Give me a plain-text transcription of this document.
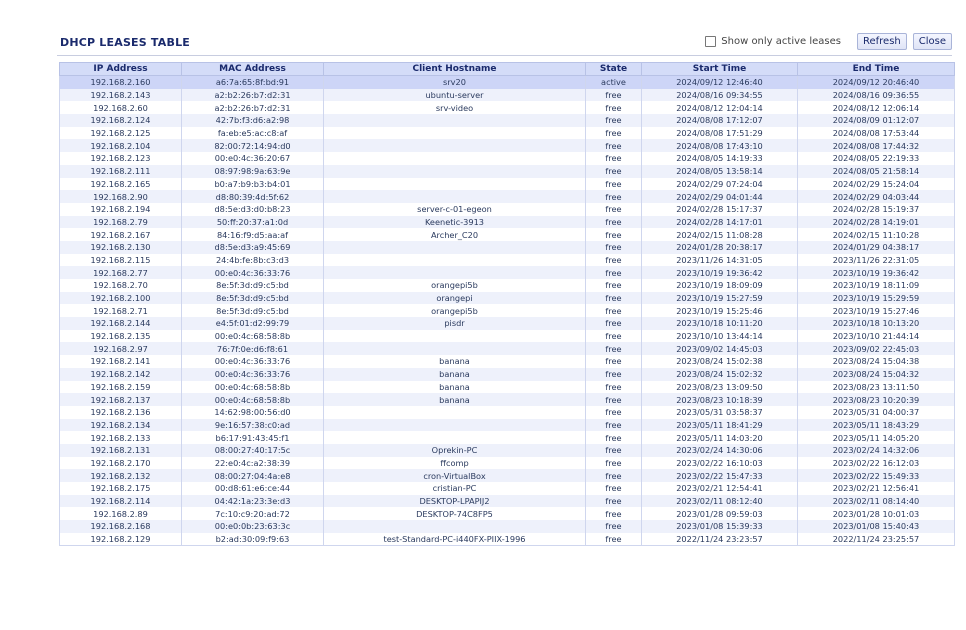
DHCP LEASES TABLE	Show only active leases	Refresh	Close
IP Address	MAC Address	Client Hostname	State	Start Time	End Time
192.168.2.160	a6:7a:65:8f:bd:91	srv20	active	2024/09/12 12:46:40	2024/09/12 20:46:40
192.168.2.143	a2:b2:26:b7:d2:31	ubuntu-server	free	2024/08/16 09:34:55	2024/08/16 09:36:55
192.168.2.60	a2:b2:26:b7:d2:31	srv-video	free	2024/08/12 12:04:14	2024/08/12 12:06:14
192.168.2.124	42:7b:f3:d6:a2:98		free	2024/08/08 17:12:07	2024/08/09 01:12:07
192.168.2.125	fa:eb:e5:ac:c8:af		free	2024/08/08 17:51:29	2024/08/08 17:53:44
192.168.2.104	82:00:72:14:94:d0		free	2024/08/08 17:43:10	2024/08/08 17:44:32
192.168.2.123	00:e0:4c:36:20:67		free	2024/08/05 14:19:33	2024/08/05 22:19:33
192.168.2.111	08:97:98:9a:63:9e		free	2024/08/05 13:58:14	2024/08/05 21:58:14
192.168.2.165	b0:a7:b9:b3:b4:01		free	2024/02/29 07:24:04	2024/02/29 15:24:04
192.168.2.90	d8:80:39:4d:5f:62		free	2024/02/29 04:01:44	2024/02/29 04:03:44
192.168.2.194	d8:5e:d3:d0:b8:23	server-c-01-egeon	free	2024/02/28 15:17:37	2024/02/28 15:19:37
192.168.2.79	50:ff:20:37:a1:0d	Keenetic-3913	free	2024/02/28 14:17:01	2024/02/28 14:19:01
192.168.2.167	84:16:f9:d5:aa:af	Archer_C20	free	2024/02/15 11:08:28	2024/02/15 11:10:28
192.168.2.130	d8:5e:d3:a9:45:69		free	2024/01/28 20:38:17	2024/01/29 04:38:17
192.168.2.115	24:4b:fe:8b:c3:d3		free	2023/11/26 14:31:05	2023/11/26 22:31:05
192.168.2.77	00:e0:4c:36:33:76		free	2023/10/19 19:36:42	2023/10/19 19:36:42
192.168.2.70	8e:5f:3d:d9:c5:bd	orangepi5b	free	2023/10/19 18:09:09	2023/10/19 18:11:09
192.168.2.100	8e:5f:3d:d9:c5:bd	orangepi	free	2023/10/19 15:27:59	2023/10/19 15:29:59
192.168.2.71	8e:5f:3d:d9:c5:bd	orangepi5b	free	2023/10/19 15:25:46	2023/10/19 15:27:46
192.168.2.144	e4:5f:01:d2:99:79	pisdr	free	2023/10/18 10:11:20	2023/10/18 10:13:20
192.168.2.135	00:e0:4c:68:58:8b		free	2023/10/10 13:44:14	2023/10/10 21:44:14
192.168.2.97	76:7f:0e:d6:f8:61		free	2023/09/02 14:45:03	2023/09/02 22:45:03
192.168.2.141	00:e0:4c:36:33:76	banana	free	2023/08/24 15:02:38	2023/08/24 15:04:38
192.168.2.142	00:e0:4c:36:33:76	banana	free	2023/08/24 15:02:32	2023/08/24 15:04:32
192.168.2.159	00:e0:4c:68:58:8b	banana	free	2023/08/23 13:09:50	2023/08/23 13:11:50
192.168.2.137	00:e0:4c:68:58:8b	banana	free	2023/08/23 10:18:39	2023/08/23 10:20:39
192.168.2.136	14:62:98:00:56:d0		free	2023/05/31 03:58:37	2023/05/31 04:00:37
192.168.2.134	9e:16:57:38:c0:ad		free	2023/05/11 18:41:29	2023/05/11 18:43:29
192.168.2.133	b6:17:91:43:45:f1		free	2023/05/11 14:03:20	2023/05/11 14:05:20
192.168.2.131	08:00:27:40:17:5c	Oprekin-PC	free	2023/02/24 14:30:06	2023/02/24 14:32:06
192.168.2.170	22:e0:4c:a2:38:39	ffcomp	free	2023/02/22 16:10:03	2023/02/22 16:12:03
192.168.2.132	08:00:27:04:4a:e8	cron-VirtualBox	free	2023/02/22 15:47:33	2023/02/22 15:49:33
192.168.2.175	00:d8:61:e6:ce:44	cristian-PC	free	2023/02/21 12:54:41	2023/02/21 12:56:41
192.168.2.114	04:42:1a:23:3e:d3	DESKTOP-LPAPIJ2	free	2023/02/11 08:12:40	2023/02/11 08:14:40
192.168.2.89	7c:10:c9:20:ad:72	DESKTOP-74C8FP5	free	2023/01/28 09:59:03	2023/01/28 10:01:03
192.168.2.168	00:e0:0b:23:63:3c		free	2023/01/08 15:39:33	2023/01/08 15:40:43
192.168.2.129	b2:ad:30:09:f9:63	test-Standard-PC-i440FX-PIIX-1996	free	2022/11/24 23:23:57	2022/11/24 23:25:57
